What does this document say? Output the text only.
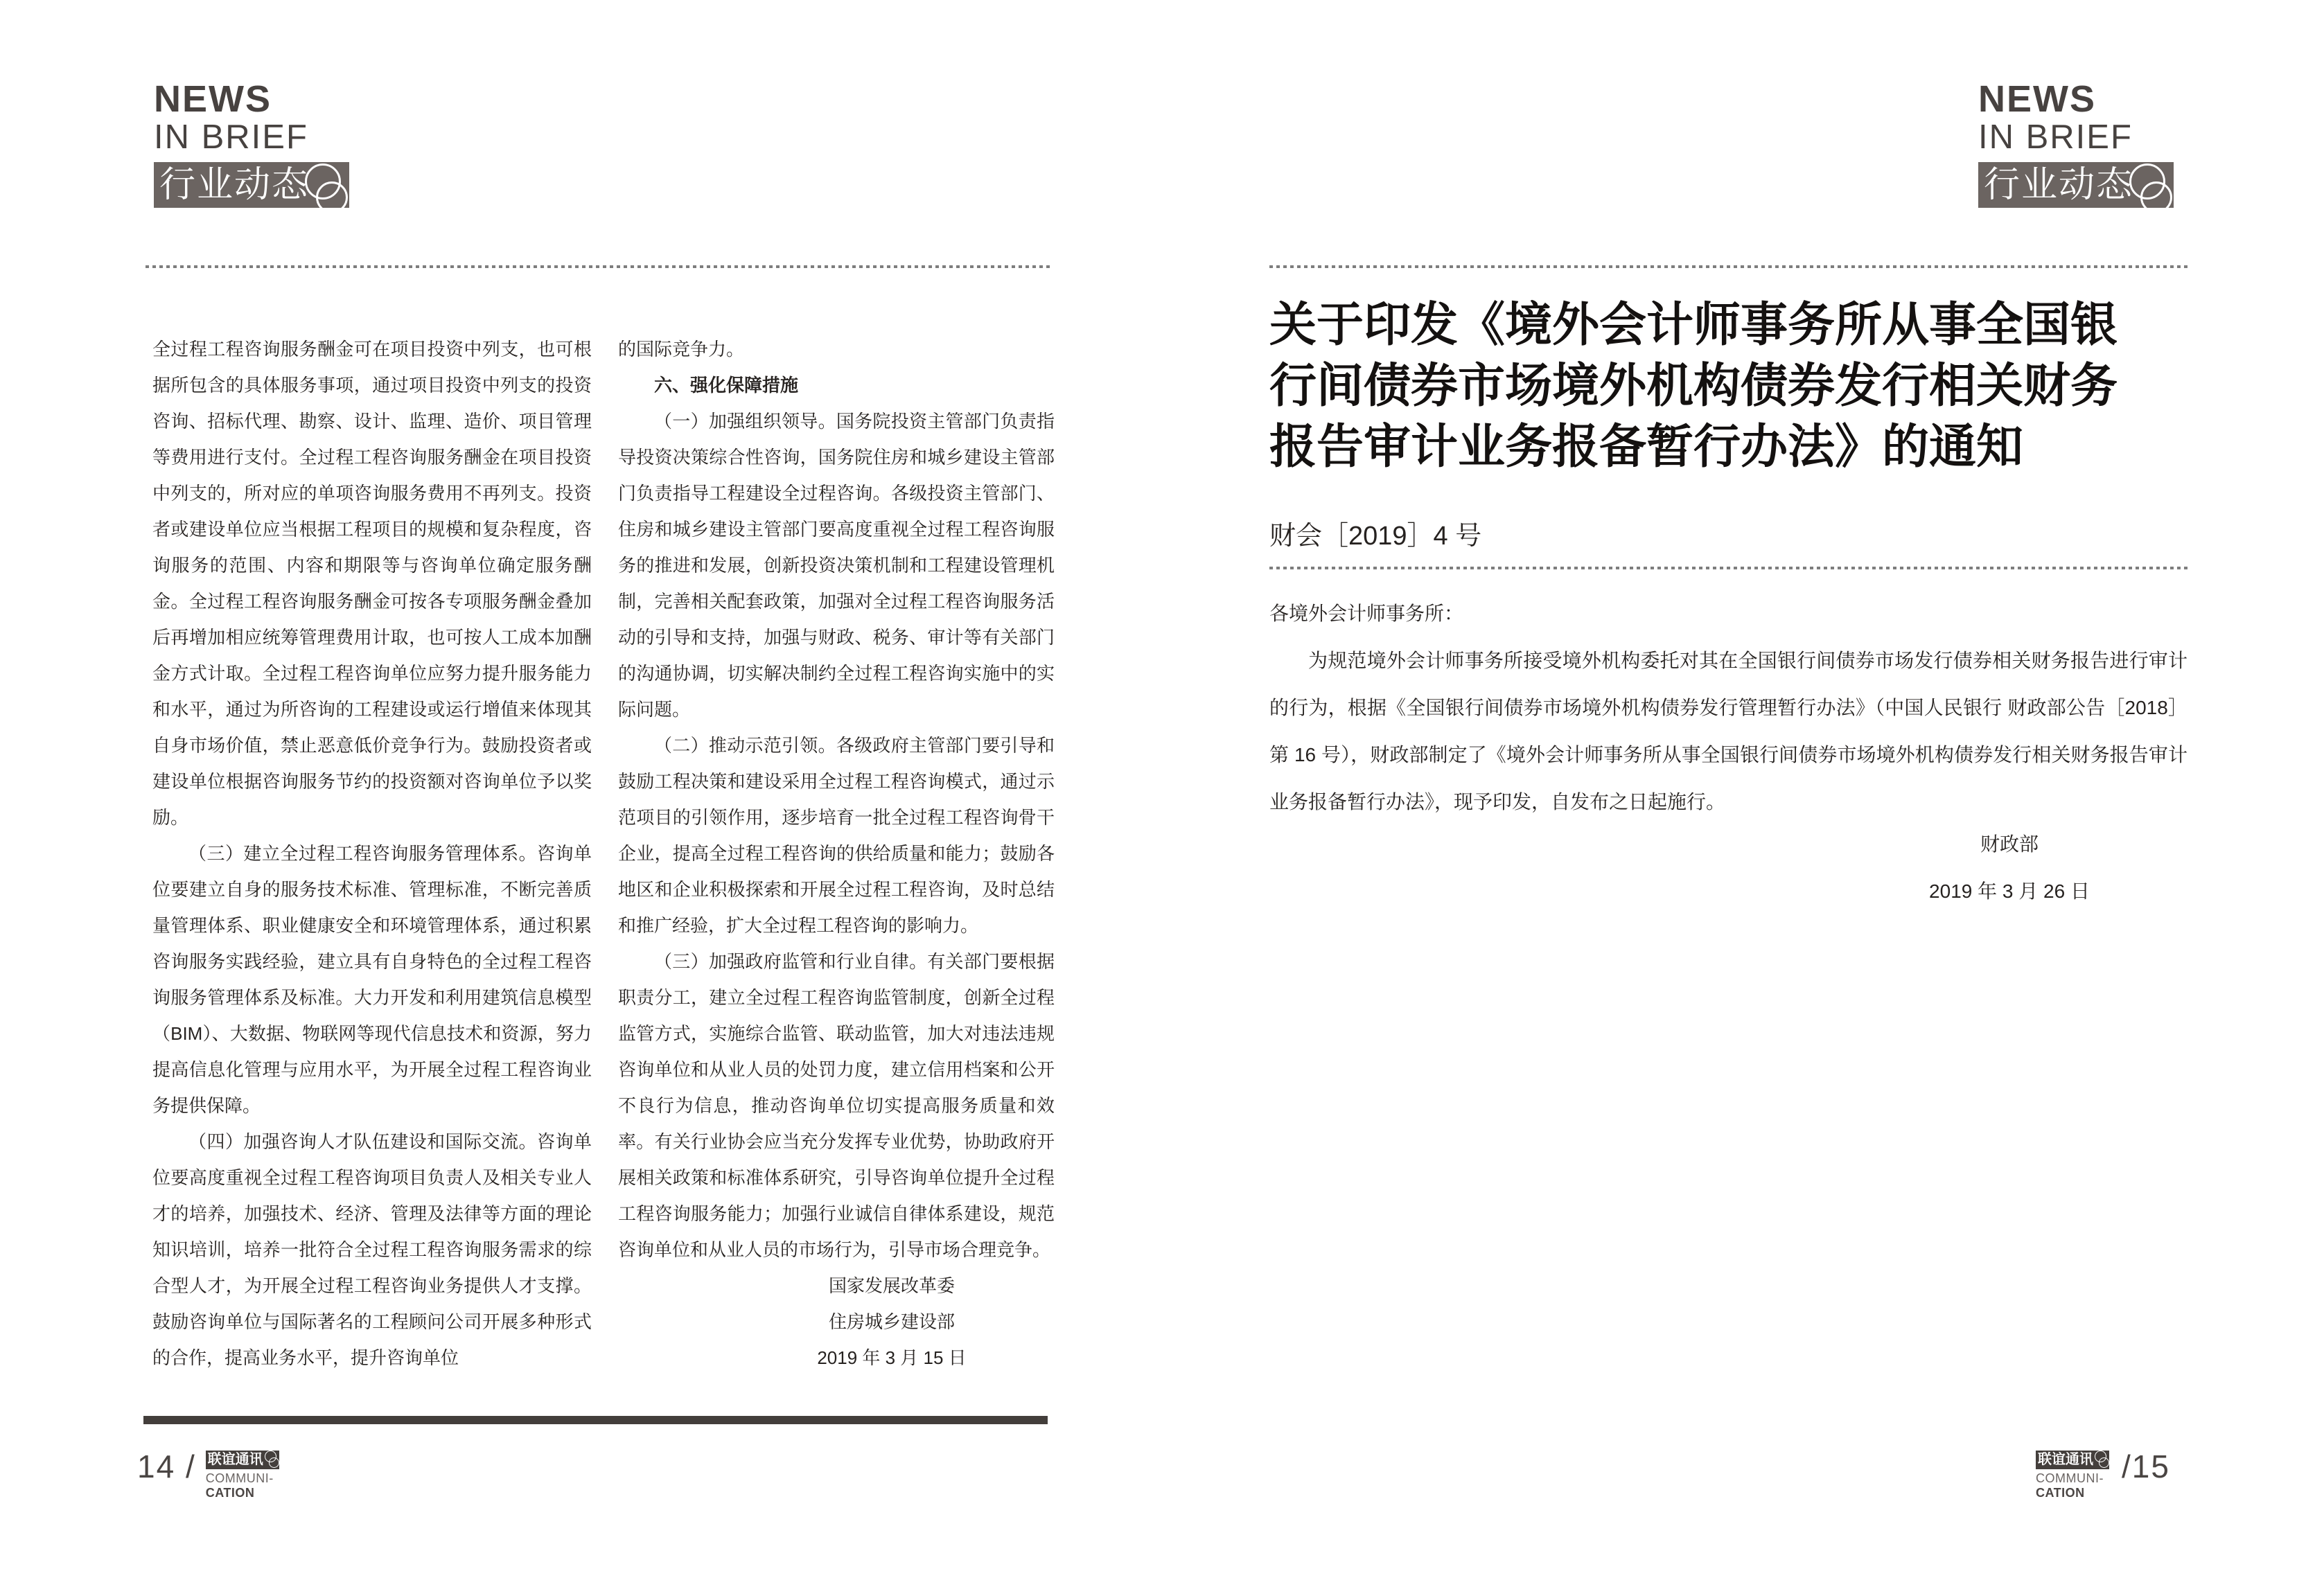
NEWS
IN BRIEF
行业动态

全过程工程咨询服务酬金可在项目投资中列支，也可根据所包含的具体服务事项，通过项目投资中列支的投资咨询、招标代理、勘察、设计、监理、造价、项目管理等费用进行支付。全过程工程咨询服务酬金在项目投资中列支的，所对应的单项咨询服务费用不再列支。投资者或建设单位应当根据工程项目的规模和复杂程度，咨询服务的范围、内容和期限等与咨询单位确定服务酬金。全过程工程咨询服务酬金可按各专项服务酬金叠加后再增加相应统筹管理费用计取，也可按人工成本加酬金方式计取。全过程工程咨询单位应努力提升服务能力和水平，通过为所咨询的工程建设或运行增值来体现其自身市场价值，禁止恶意低价竞争行为。鼓励投资者或建设单位根据咨询服务节约的投资额对咨询单位予以奖励。

（三）建立全过程工程咨询服务管理体系。咨询单位要建立自身的服务技术标准、管理标准，不断完善质量管理体系、职业健康安全和环境管理体系，通过积累咨询服务实践经验，建立具有自身特色的全过程工程咨询服务管理体系及标准。大力开发和利用建筑信息模型（BIM）、大数据、物联网等现代信息技术和资源，努力提高信息化管理与应用水平，为开展全过程工程咨询业务提供保障。

（四）加强咨询人才队伍建设和国际交流。咨询单位要高度重视全过程工程咨询项目负责人及相关专业人才的培养，加强技术、经济、管理及法律等方面的理论知识培训，培养一批符合全过程工程咨询服务需求的综合型人才，为开展全过程工程咨询业务提供人才支撑。鼓励咨询单位与国际著名的工程顾问公司开展多种形式的合作，提高业务水平，提升咨询单位

的国际竞争力。

六、强化保障措施

（一）加强组织领导。国务院投资主管部门负责指导投资决策综合性咨询，国务院住房和城乡建设主管部门负责指导工程建设全过程咨询。各级投资主管部门、住房和城乡建设主管部门要高度重视全过程工程咨询服务的推进和发展，创新投资决策机制和工程建设管理机制，完善相关配套政策，加强对全过程工程咨询服务活动的引导和支持，加强与财政、税务、审计等有关部门的沟通协调，切实解决制约全过程工程咨询实施中的实际问题。

（二）推动示范引领。各级政府主管部门要引导和鼓励工程决策和建设采用全过程工程咨询模式，通过示范项目的引领作用，逐步培育一批全过程工程咨询骨干企业，提高全过程工程咨询的供给质量和能力；鼓励各地区和企业积极探索和开展全过程工程咨询，及时总结和推广经验，扩大全过程工程咨询的影响力。

（三）加强政府监管和行业自律。有关部门要根据职责分工，建立全过程工程咨询监管制度，创新全过程监管方式，实施综合监管、联动监管，加大对违法违规咨询单位和从业人员的处罚力度，建立信用档案和公开不良行为信息，推动咨询单位切实提高服务质量和效率。有关行业协会应当充分发挥专业优势，协助政府开展相关政策和标准体系研究，引导咨询单位提升全过程工程咨询服务能力；加强行业诚信自律体系建设，规范咨询单位和从业人员的市场行为，引导市场合理竞争。

国家发展改革委

住房城乡建设部

2019 年 3 月 15 日

14 / 联谊通讯
COMMUNI-
CATION
NEWS
IN BRIEF
行业动态
关于印发《境外会计师事务所从事全国银行间债券市场境外机构债券发行相关财务报告审计业务报备暂行办法》的通知
财会［2019］4 号

各境外会计师事务所：

为规范境外会计师事务所接受境外机构委托对其在全国银行间债券市场发行债券相关财务报告进行审计的行为，根据《全国银行间债券市场境外机构债券发行管理暂行办法》（中国人民银行 财政部公告［2018］第 16 号），财政部制定了《境外会计师事务所从事全国银行间债券市场境外机构债券发行相关财务报告审计业务报备暂行办法》，现予印发，自发布之日起施行。

财政部

2019 年 3 月 26 日

联谊通讯
COMMUNI-
CATION
/15
